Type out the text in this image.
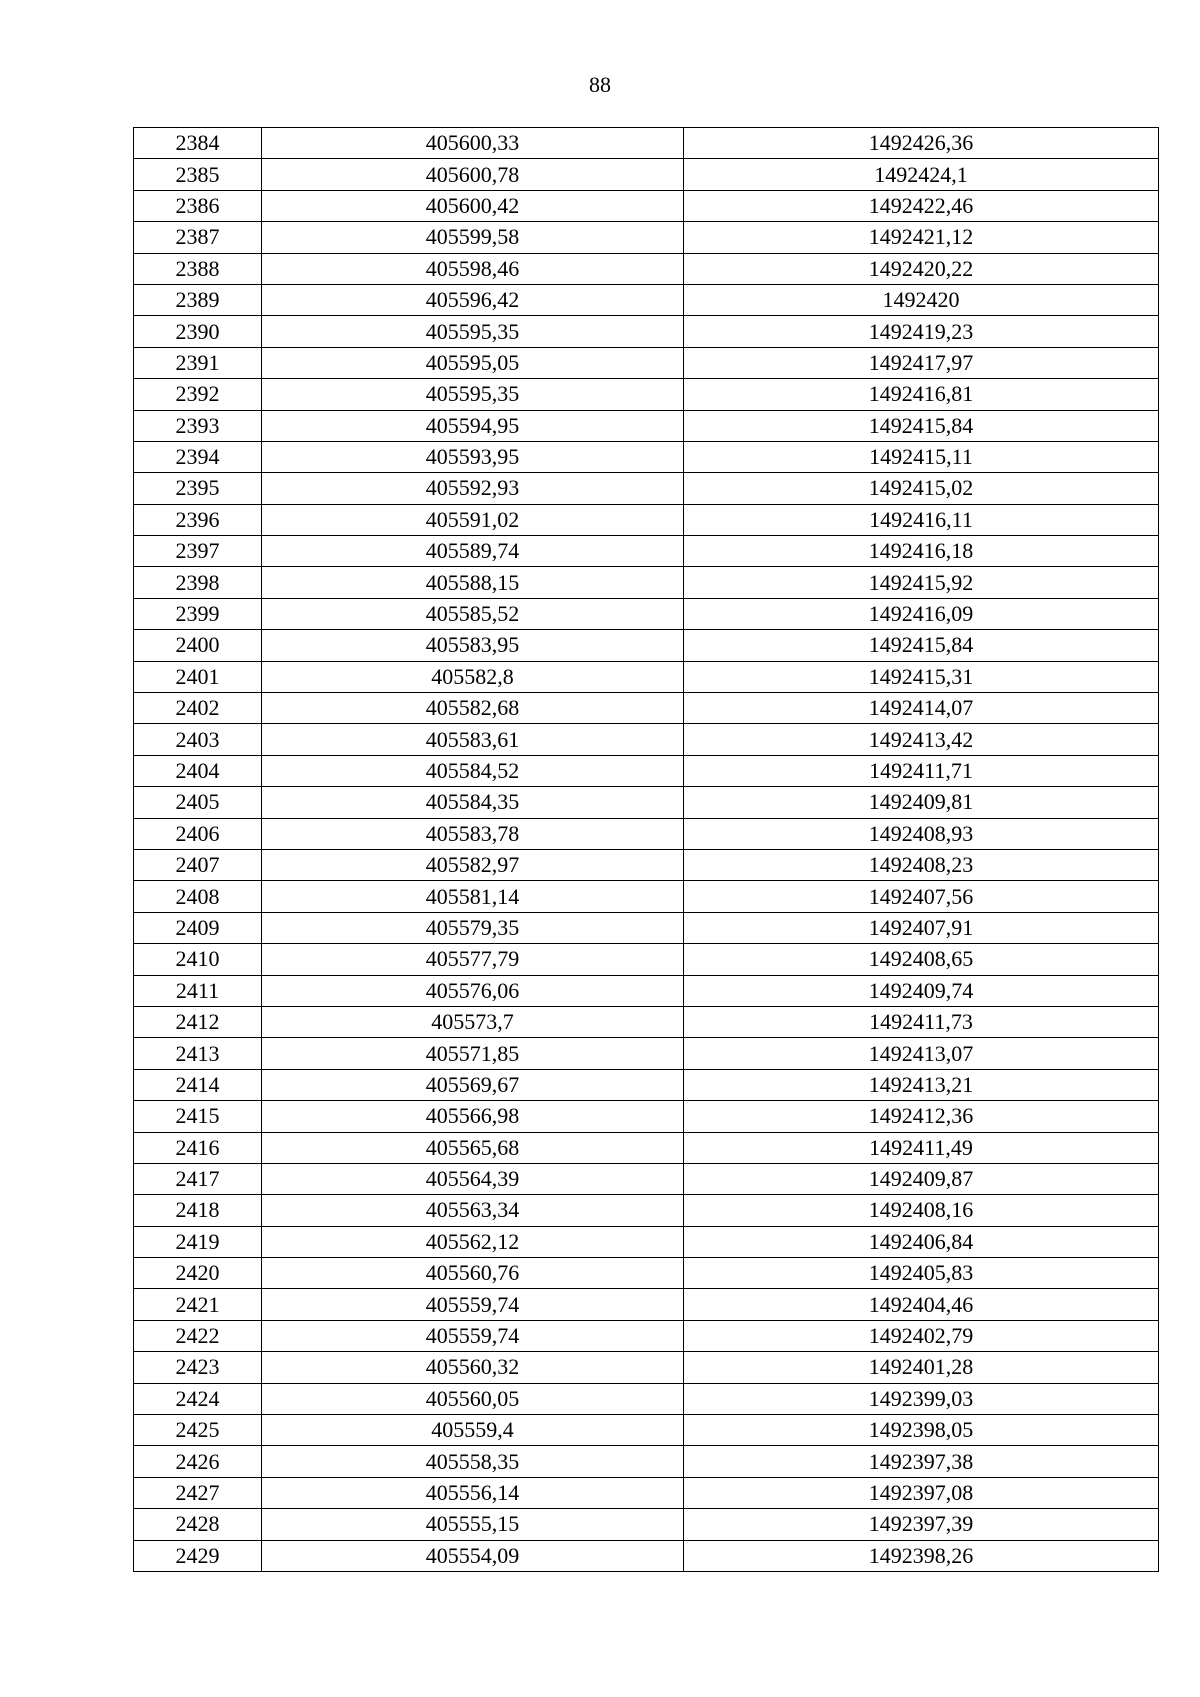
88
2384	405600,33	1492426,36
2385	405600,78	1492424,1
2386	405600,42	1492422,46
2387	405599,58	1492421,12
2388	405598,46	1492420,22
2389	405596,42	1492420
2390	405595,35	1492419,23
2391	405595,05	1492417,97
2392	405595,35	1492416,81
2393	405594,95	1492415,84
2394	405593,95	1492415,11
2395	405592,93	1492415,02
2396	405591,02	1492416,11
2397	405589,74	1492416,18
2398	405588,15	1492415,92
2399	405585,52	1492416,09
2400	405583,95	1492415,84
2401	405582,8	1492415,31
2402	405582,68	1492414,07
2403	405583,61	1492413,42
2404	405584,52	1492411,71
2405	405584,35	1492409,81
2406	405583,78	1492408,93
2407	405582,97	1492408,23
2408	405581,14	1492407,56
2409	405579,35	1492407,91
2410	405577,79	1492408,65
2411	405576,06	1492409,74
2412	405573,7	1492411,73
2413	405571,85	1492413,07
2414	405569,67	1492413,21
2415	405566,98	1492412,36
2416	405565,68	1492411,49
2417	405564,39	1492409,87
2418	405563,34	1492408,16
2419	405562,12	1492406,84
2420	405560,76	1492405,83
2421	405559,74	1492404,46
2422	405559,74	1492402,79
2423	405560,32	1492401,28
2424	405560,05	1492399,03
2425	405559,4	1492398,05
2426	405558,35	1492397,38
2427	405556,14	1492397,08
2428	405555,15	1492397,39
2429	405554,09	1492398,26
